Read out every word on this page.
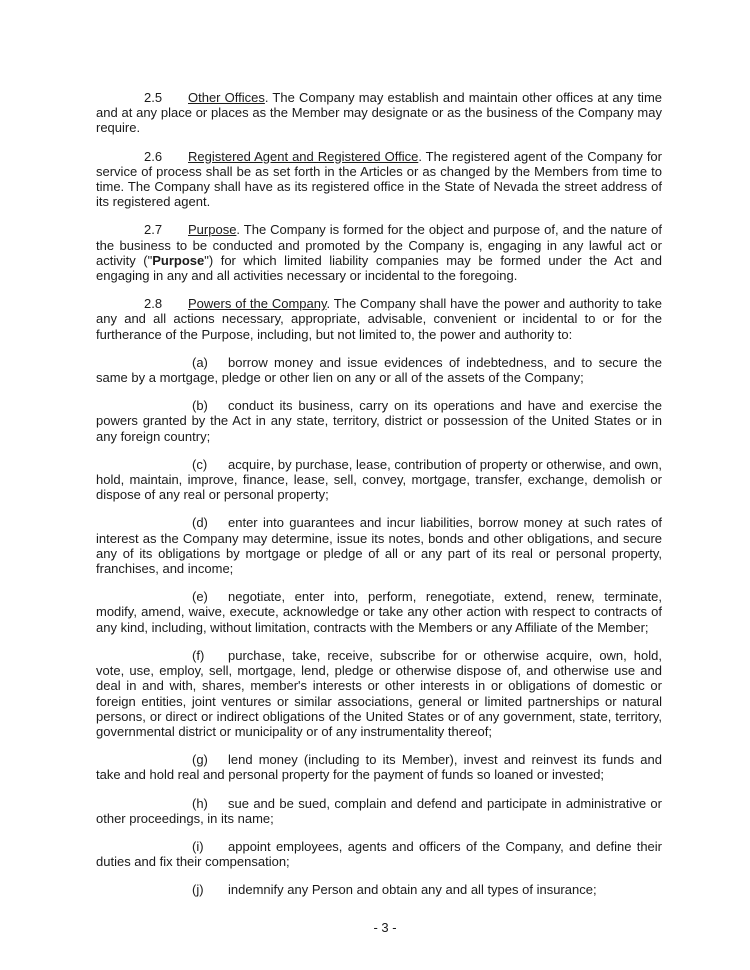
2.5 Other Offices. The Company may establish and maintain other offices at any time and at any place or places as the Member may designate or as the business of the Company may require.

2.6 Registered Agent and Registered Office. The registered agent of the Company for service of process shall be as set forth in the Articles or as changed by the Members from time to time. The Company shall have as its registered office in the State of Nevada the street address of its registered agent.

2.7 Purpose. The Company is formed for the object and purpose of, and the nature of the business to be conducted and promoted by the Company is, engaging in any lawful act or activity ("Purpose") for which limited liability companies may be formed under the Act and engaging in any and all activities necessary or incidental to the foregoing.

2.8 Powers of the Company. The Company shall have the power and authority to take any and all actions necessary, appropriate, advisable, convenient or incidental to or for the furtherance of the Purpose, including, but not limited to, the power and authority to:

(a) borrow money and issue evidences of indebtedness, and to secure the same by a mortgage, pledge or other lien on any or all of the assets of the Company;

(b) conduct its business, carry on its operations and have and exercise the powers granted by the Act in any state, territory, district or possession of the United States or in any foreign country;

(c) acquire, by purchase, lease, contribution of property or otherwise, and own, hold, maintain, improve, finance, lease, sell, convey, mortgage, transfer, exchange, demolish or dispose of any real or personal property;

(d) enter into guarantees and incur liabilities, borrow money at such rates of interest as the Company may determine, issue its notes, bonds and other obligations, and secure any of its obligations by mortgage or pledge of all or any part of its real or personal property, franchises, and income;

(e) negotiate, enter into, perform, renegotiate, extend, renew, terminate, modify, amend, waive, execute, acknowledge or take any other action with respect to contracts of any kind, including, without limitation, contracts with the Members or any Affiliate of the Member;

(f) purchase, take, receive, subscribe for or otherwise acquire, own, hold, vote, use, employ, sell, mortgage, lend, pledge or otherwise dispose of, and otherwise use and deal in and with, shares, member's interests or other interests in or obligations of domestic or foreign entities, joint ventures or similar associations, general or limited partnerships or natural persons, or direct or indirect obligations of the United States or of any government, state, territory, governmental district or municipality or of any instrumentality thereof;

(g) lend money (including to its Member), invest and reinvest its funds and take and hold real and personal property for the payment of funds so loaned or invested;

(h) sue and be sued, complain and defend and participate in administrative or other proceedings, in its name;

(i) appoint employees, agents and officers of the Company, and define their duties and fix their compensation;

(j) indemnify any Person and obtain any and all types of insurance;

- 3 -
